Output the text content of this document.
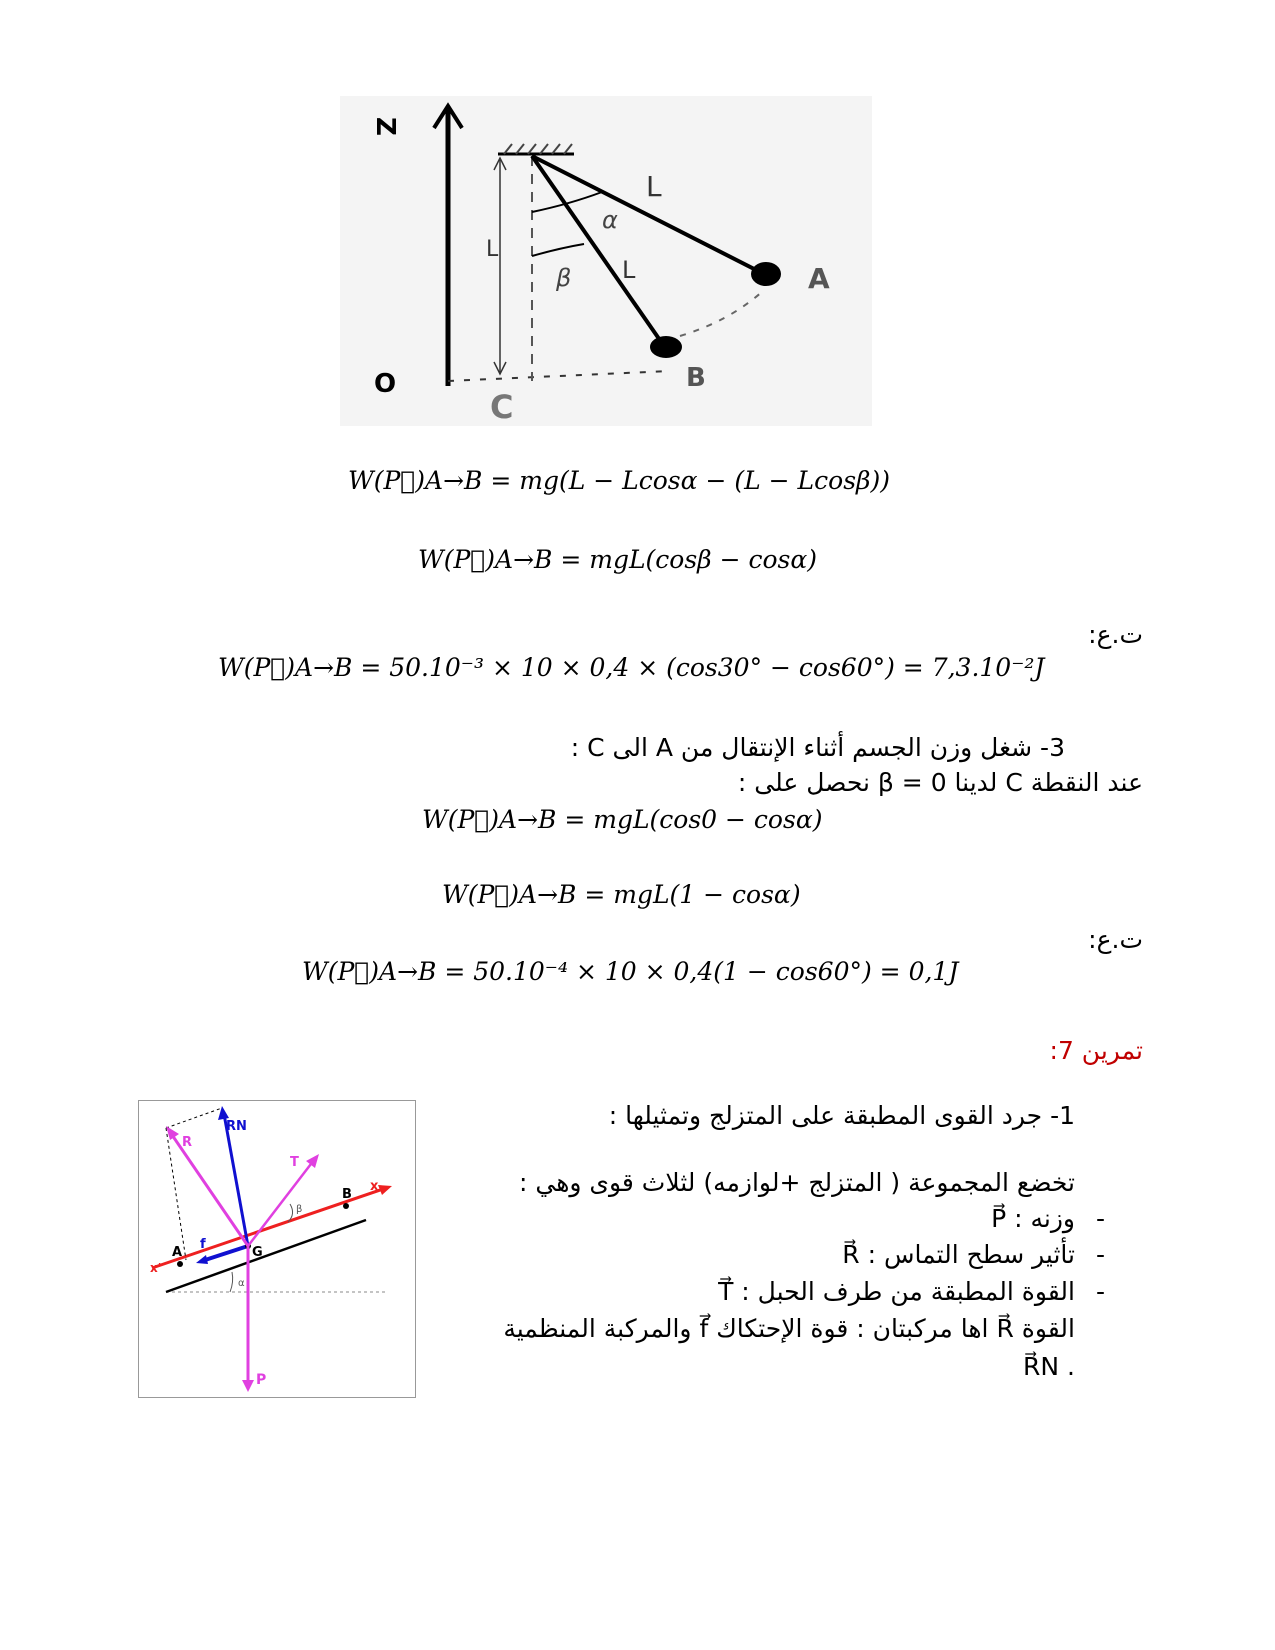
Z
O
L
α
β
L
L	A
B
C
W(P⃗)A→B = mg(L − Lcosα − (L − Lcosβ))
W(P⃗)A→B = mgL(cosβ − cosα)
ت.ع:
W(P⃗)A→B = 50.10⁻³ × 10 × 0,4 × (cos30° − cos60°) = 7,3.10⁻²J
3- شغل وزن الجسم أثناء الإنتقال من A الى C :
عند النقطة C لدينا β = 0 نحصل على :
W(P⃗)A→B = mgL(cos0 − cosα)
W(P⃗)A→B = mgL(1 − cosα)
ت.ع:
W(P⃗)A→B = 50.10⁻⁴ × 10 × 0,4(1 − cos60°) = 0,1J
تمرين 7:
1- جرد القوى المطبقة على المتزلج وتمثيلها :
تخضع المجموعة ( المتزلج +لوازمه) لثلاث قوى وهي :
-
وزنه : P⃗
-
تأثير سطح التماس : R⃗
-
القوة المطبقة من طرف الحبل : T⃗
القوة R⃗ اها مركبتان : قوة الإحتكاك f⃗ والمركبة المنظمية
. R⃗N
α
x
x'
f
A
B
G
RN
R
T
β
P
